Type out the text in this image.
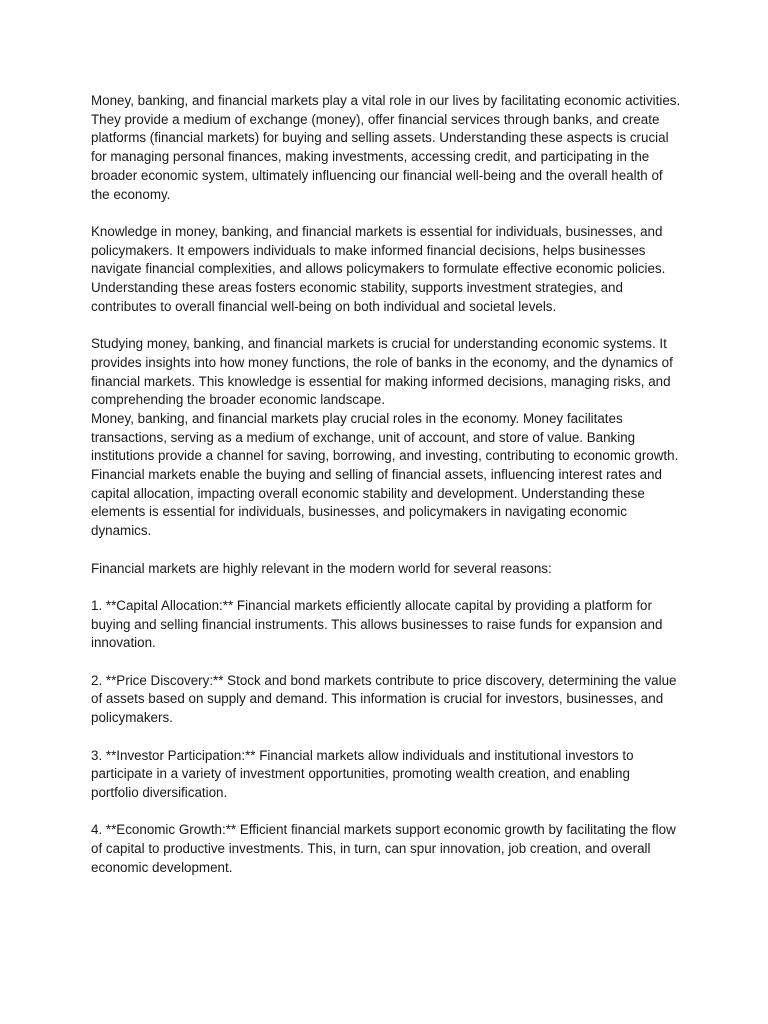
Money, banking, and financial markets play a vital role in our lives by facilitating economic activities. They provide a medium of exchange (money), offer financial services through banks, and create platforms (financial markets) for buying and selling assets. Understanding these aspects is crucial for managing personal finances, making investments, accessing credit, and participating in the broader economic system, ultimately influencing our financial well-being and the overall health of the economy.

Knowledge in money, banking, and financial markets is essential for individuals, businesses, and policymakers. It empowers individuals to make informed financial decisions, helps businesses navigate financial complexities, and allows policymakers to formulate effective economic policies. Understanding these areas fosters economic stability, supports investment strategies, and contributes to overall financial well-being on both individual and societal levels.

Studying money, banking, and financial markets is crucial for understanding economic systems. It provides insights into how money functions, the role of banks in the economy, and the dynamics of financial markets. This knowledge is essential for making informed decisions, managing risks, and comprehending the broader economic landscape.

Money, banking, and financial markets play crucial roles in the economy. Money facilitates transactions, serving as a medium of exchange, unit of account, and store of value. Banking institutions provide a channel for saving, borrowing, and investing, contributing to economic growth. Financial markets enable the buying and selling of financial assets, influencing interest rates and capital allocation, impacting overall economic stability and development. Understanding these elements is essential for individuals, businesses, and policymakers in navigating economic dynamics.

Financial markets are highly relevant in the modern world for several reasons:

1. **Capital Allocation:** Financial markets efficiently allocate capital by providing a platform for buying and selling financial instruments. This allows businesses to raise funds for expansion and innovation.

2. **Price Discovery:** Stock and bond markets contribute to price discovery, determining the value of assets based on supply and demand. This information is crucial for investors, businesses, and policymakers.

3. **Investor Participation:** Financial markets allow individuals and institutional investors to participate in a variety of investment opportunities, promoting wealth creation, and enabling portfolio diversification.

4. **Economic Growth:** Efficient financial markets support economic growth by facilitating the flow of capital to productive investments. This, in turn, can spur innovation, job creation, and overall economic development.
